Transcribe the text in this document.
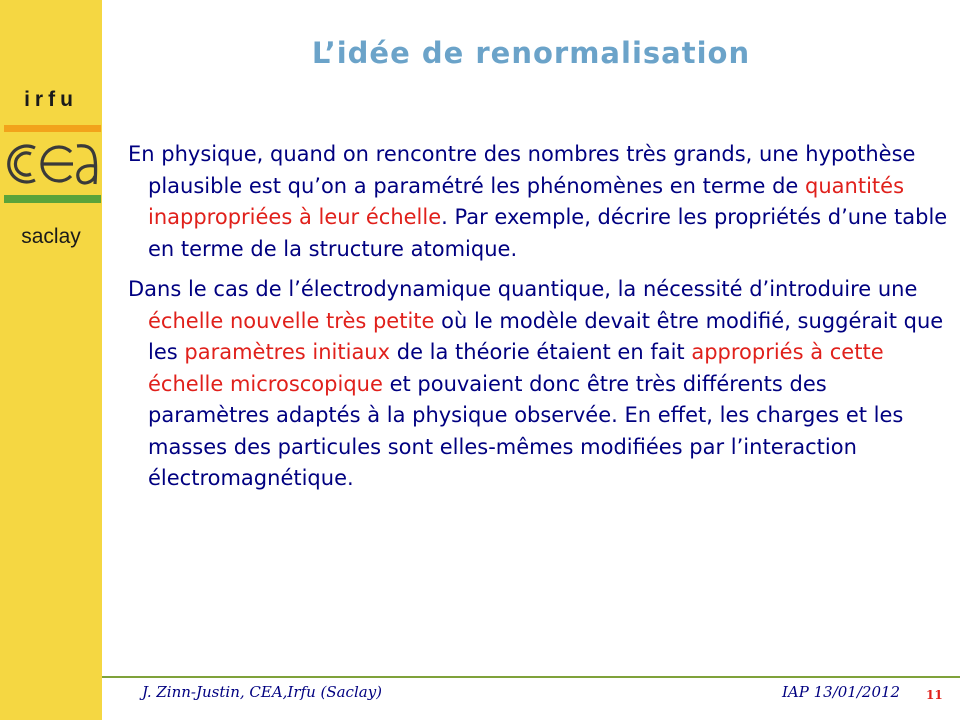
irfu
saclay
L’idée de renormalisation

En physique, quand on rencontre des nombres très grands, une hypothèse plausible est qu’on a paramétré les phénomènes en terme de quantités inappropriées à leur échelle. Par exemple, décrire les propriétés d’une table en terme de la structure atomique.

Dans le cas de l’électrodynamique quantique, la nécessité d’introduire une échelle nouvelle très petite où le modèle devait être modifié, suggérait que les paramètres initiaux de la théorie étaient en fait appropriés à cette échelle microscopique et pouvaient donc être très différents des paramètres adaptés à la physique observée. En effet, les charges et les masses des particules sont elles-mêmes modifiées par l’interaction électromagnétique.

J. Zinn-Justin, CEA,Irfu (Saclay)	IAP 13/01/2012 11
